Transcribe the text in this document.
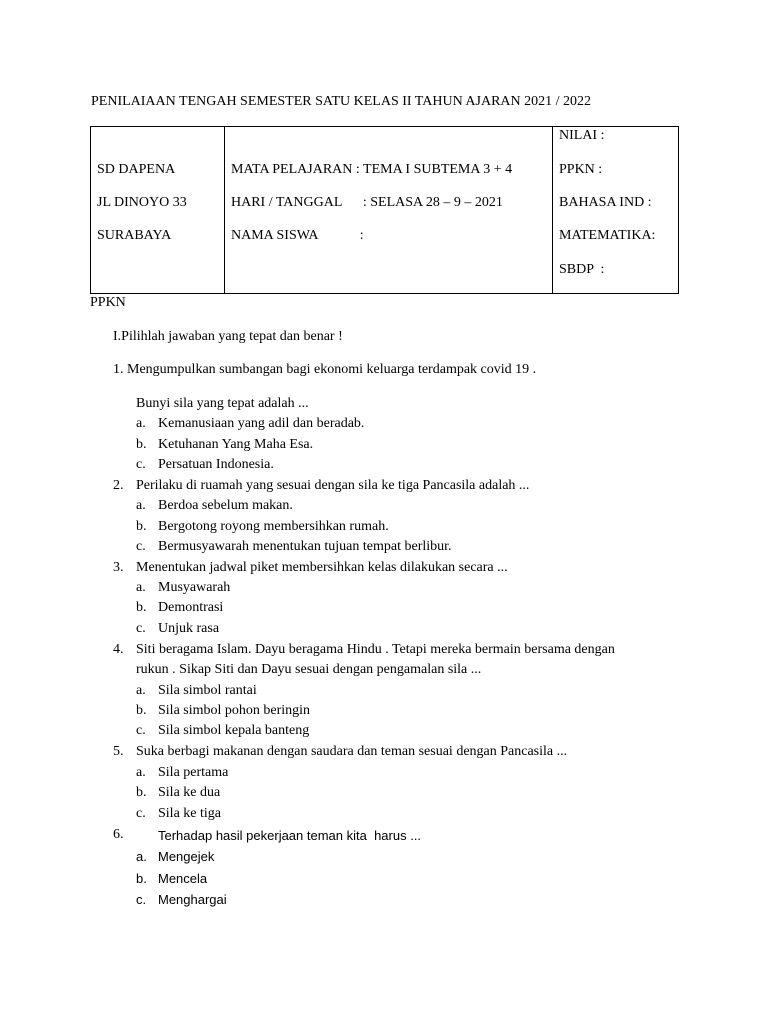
PENILAIAAN TENGAH SEMESTER SATU KELAS II TAHUN AJARAN 2021 / 2022
SD DAPENA
JL DINOYO 33
SURABAYA

MATA PELAJARAN : TEMA I SUBTEMA 3 + 4
HARI / TANGGAL      : SELASA 28 – 9 – 2021
NAMA SISWA            :

NILAI :
PPKN :
BAHASA IND :
MATEMATIKA:
SBDP  :
PPKN
I.Pilihlah jawaban yang tepat dan benar !
1. Mengumpulkan sumbangan bagi ekonomi keluarga terdampak covid 19 .
Bunyi sila yang tepat adalah ...
a. Kemanusiaan yang adil dan beradab.
b. Ketuhanan Yang Maha Esa.
c. Persatuan Indonesia.
2. Perilaku di ruamah yang sesuai dengan sila ke tiga Pancasila adalah ...
a. Berdoa sebelum makan.
b. Bergotong royong membersihkan rumah.
c. Bermusyawarah menentukan tujuan tempat berlibur.
3. Menentukan jadwal piket membersihkan kelas dilakukan secara ...
a. Musyawarah
b. Demontrasi
c. Unjuk rasa
4. Siti beragama Islam. Dayu beragama Hindu . Tetapi mereka bermain bersama dengan
rukun . Sikap Siti dan Dayu sesuai dengan pengamalan sila ...
a. Sila simbol rantai
b. Sila simbol pohon beringin
c. Sila simbol kepala banteng
5. Suka berbagi makanan dengan saudara dan teman sesuai dengan Pancasila ...
a. Sila pertama
b. Sila ke dua
c. Sila ke tiga
6.	Terhadap hasil pekerjaan teman kita  harus ...
a. Mengejek
b. Mencela
c. Menghargai
